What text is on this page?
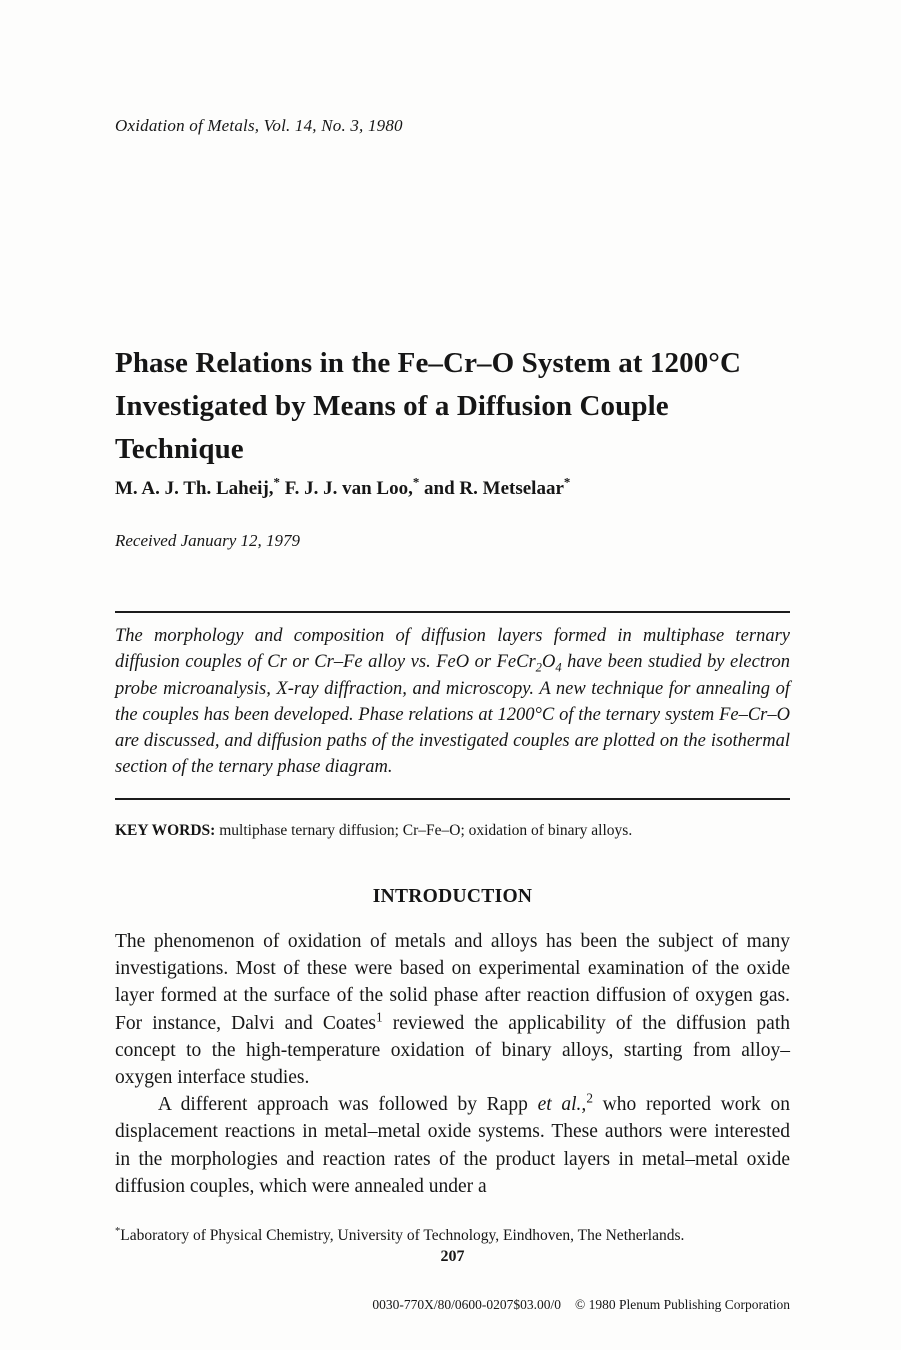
Oxidation of Metals, Vol. 14, No. 3, 1980
Phase Relations in the Fe–Cr–O System at 1200°C
Investigated by Means of a Diffusion Couple
Technique
M. A. J. Th. Laheij,* F. J. J. van Loo,* and R. Metselaar*
Received January 12, 1979
The morphology and composition of diffusion layers formed in multiphase ternary diffusion couples of Cr or Cr–Fe alloy vs. FeO or $FeCr_2O_4$ have been studied by electron probe microanalysis, X-ray diffraction, and microscopy. A new technique for annealing of the couples has been developed. Phase relations at 1200°C of the ternary system Fe–Cr–O are discussed, and diffusion paths of the investigated couples are plotted on the isothermal section of the ternary phase diagram.
KEY WORDS: multiphase ternary diffusion; Cr–Fe–O; oxidation of binary alloys.
INTRODUCTION

The phenomenon of oxidation of metals and alloys has been the subject of many investigations. Most of these were based on experimental examination of the oxide layer formed at the surface of the solid phase after reaction diffusion of oxygen gas. For instance, Dalvi and Coates$^1$ reviewed the applicability of the diffusion path concept to the high-temperature oxidation of binary alloys, starting from alloy–oxygen interface studies.

A different approach was followed by Rapp et al.,$^2$ who reported work on displacement reactions in metal–metal oxide systems. These authors were interested in the morphologies and reaction rates of the product layers in metal–metal oxide diffusion couples, which were annealed under a

*Laboratory of Physical Chemistry, University of Technology, Eindhoven, The Netherlands.
207
0030-770X/80/0600-0207$03.00/0 © 1980 Plenum Publishing Corporation
